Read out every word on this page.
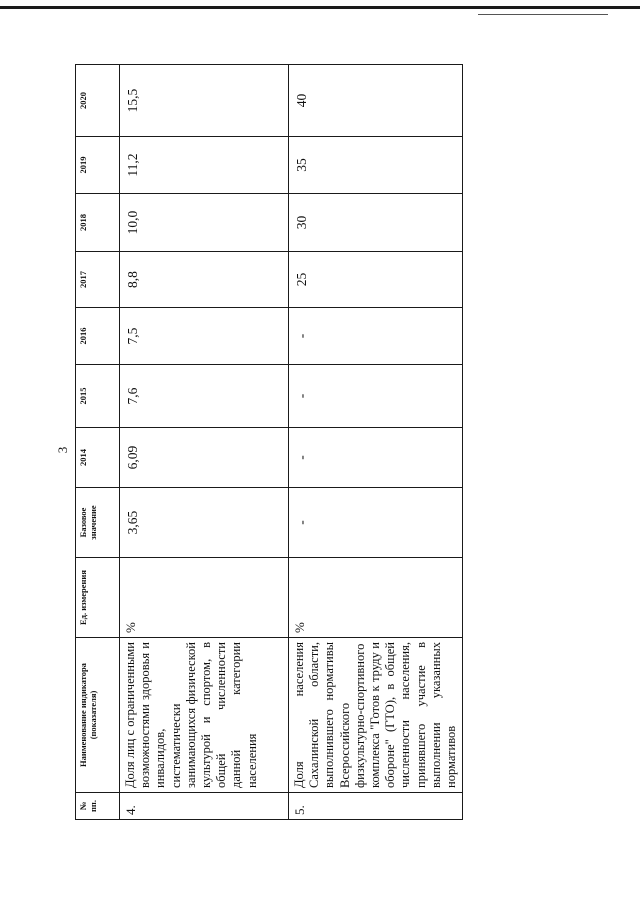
3
№ пп.	Наименование индикатора (показателя)	Ед. измерения	Базовое значение	2014	2015	2016	2017	2018	2019	2020
4.	Доля лиц с ограниченными возможностями здоровья и инвалидов, систематически занимающихся физической культурой и спортом, в общей численности данной категории населения	%	3,65	6,09	7,6	7,5	8,8	10,0	11,2	15,5
5.	Доля населения Сахалинской области, выполнившего нормативы Всероссийского физкультурно-спортивного комплекса "Готов к труду и обороне" (ГТО), в общей численности населения, принявшего участие в выполнении указанных нормативов	%	-	-	-	-	25	30	35	40
